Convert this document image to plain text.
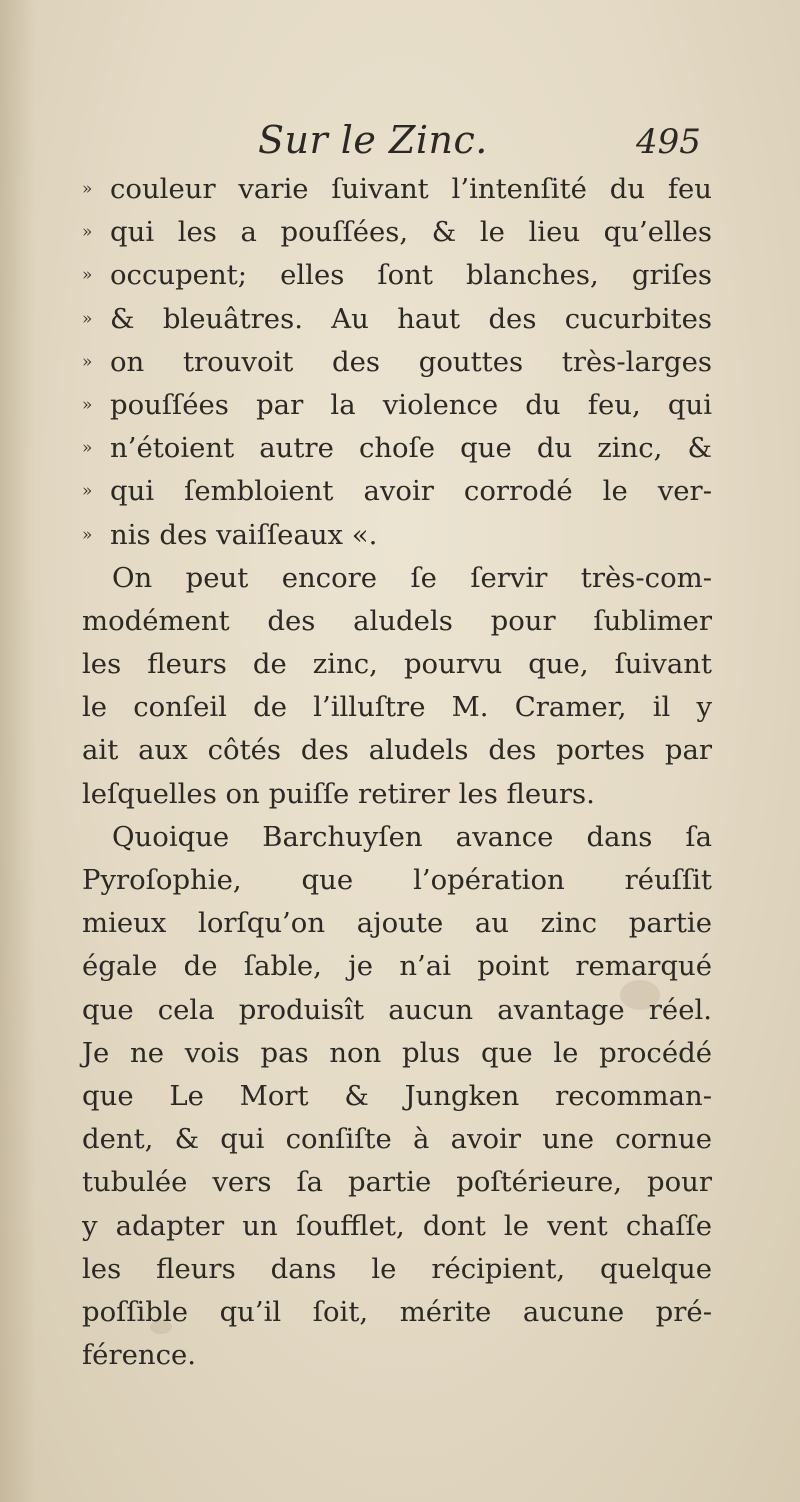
Sur le Zinc.	495
» couleur varie ſuivant l’intenſité du feu
» qui les a pouſſées, & le lieu qu’elles
» occupent; elles ſont blanches, griſes
» & bleuâtres. Au haut des cucurbites
» on trouvoit des gouttes très-larges
» pouſſées par la violence du feu, qui
» n’étoient autre choſe que du zinc, &
» qui ſembloient avoir corrodé le ver-
» nis des vaiſſeaux «.
On peut encore ſe ſervir très-com-
modément des aludels pour ſublimer
les fleurs de zinc, pourvu que, ſuivant
le conſeil de l’illuſtre M. Cramer, il y
ait aux côtés des aludels des portes par
leſquelles on puiſſe retirer les fleurs.
Quoique Barchuyſen avance dans ſa
Pyroſophie, que l’opération réuſſit
mieux lorſqu’on ajoute au zinc partie
égale de ſable, je n’ai point remarqué
que cela produisît aucun avantage réel.
Je ne vois pas non plus que le procédé
que Le Mort & Jungken recomman-
dent, & qui conſiſte à avoir une cornue
tubulée vers ſa partie poſtérieure, pour
y adapter un ſoufflet, dont le vent chaſſe
les fleurs dans le récipient, quelque
poſſible qu’il ſoit, mérite aucune pré-
férence.
